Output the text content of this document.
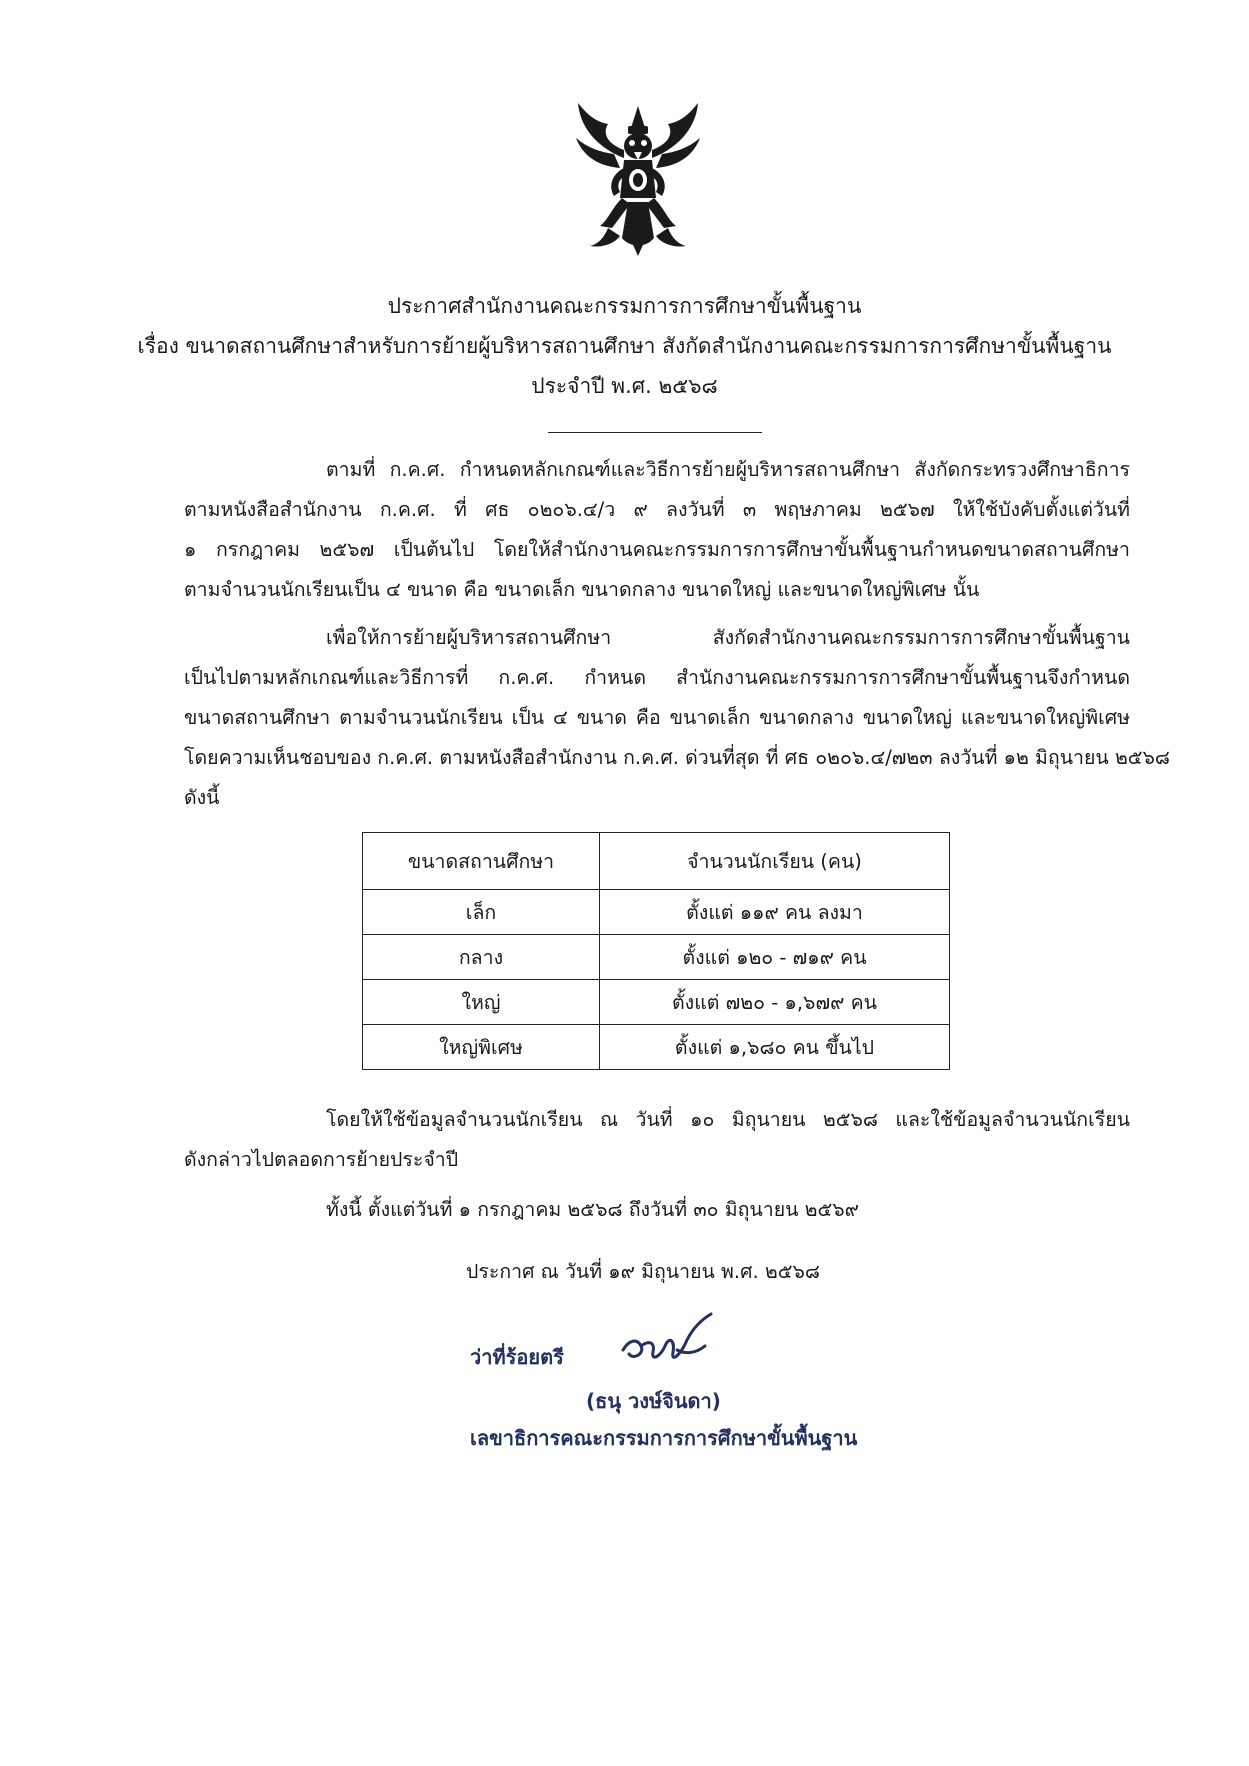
ประกาศสำนักงานคณะกรรมการการศึกษาขั้นพื้นฐาน
เรื่อง ขนาดสถานศึกษาสำหรับการย้ายผู้บริหารสถานศึกษา สังกัดสำนักงานคณะกรรมการการศึกษาขั้นพื้นฐาน
ประจำปี พ.ศ. ๒๕๖๘
ตามที่ ก.ค.ศ. กำหนดหลักเกณฑ์และวิธีการย้ายผู้บริหารสถานศึกษา สังกัดกระทรวงศึกษาธิการ
ตามหนังสือสำนักงาน ก.ค.ศ. ที่ ศธ ๐๒๐๖.๔/ว ๙ ลงวันที่ ๓ พฤษภาคม ๒๕๖๗ ให้ใช้บังคับตั้งแต่วันที่
๑ กรกฎาคม ๒๕๖๗ เป็นต้นไป โดยให้สำนักงานคณะกรรมการการศึกษาขั้นพื้นฐานกำหนดขนาดสถานศึกษา
ตามจำนวนนักเรียนเป็น ๔ ขนาด คือ ขนาดเล็ก ขนาดกลาง ขนาดใหญ่ และขนาดใหญ่พิเศษ นั้น
เพื่อให้การย้ายผู้บริหารสถานศึกษา สังกัดสำนักงานคณะกรรมการการศึกษาขั้นพื้นฐาน
เป็นไปตามหลักเกณฑ์และวิธีการที่ ก.ค.ศ. กำหนด สำนักงานคณะกรรมการการศึกษาขั้นพื้นฐานจึงกำหนด
ขนาดสถานศึกษา ตามจำนวนนักเรียน เป็น ๔ ขนาด คือ ขนาดเล็ก ขนาดกลาง ขนาดใหญ่ และขนาดใหญ่พิเศษ
โดยความเห็นชอบของ ก.ค.ศ. ตามหนังสือสำนักงาน ก.ค.ศ. ด่วนที่สุด ที่ ศธ ๐๒๐๖.๔/๗๒๓ ลงวันที่ ๑๒ มิถุนายน ๒๕๖๘
ดังนี้
ขนาดสถานศึกษา	จำนวนนักเรียน (คน)
เล็ก	ตั้งแต่ ๑๑๙ คน ลงมา
กลาง	ตั้งแต่ ๑๒๐ - ๗๑๙ คน
ใหญ่	ตั้งแต่ ๗๒๐ - ๑,๖๗๙ คน
ใหญ่พิเศษ	ตั้งแต่ ๑,๖๘๐ คน ขึ้นไป
โดยให้ใช้ข้อมูลจำนวนนักเรียน ณ วันที่ ๑๐ มิถุนายน ๒๕๖๘ และใช้ข้อมูลจำนวนนักเรียน
ดังกล่าวไปตลอดการย้ายประจำปี
ทั้งนี้ ตั้งแต่วันที่ ๑ กรกฎาคม ๒๕๖๘ ถึงวันที่ ๓๐ มิถุนายน ๒๕๖๙
ประกาศ ณ วันที่ ๑๙ มิถุนายน พ.ศ. ๒๕๖๘
ว่าที่ร้อยตรี
(ธนุ วงษ์จินดา)
เลขาธิการคณะกรรมการการศึกษาขั้นพื้นฐาน
